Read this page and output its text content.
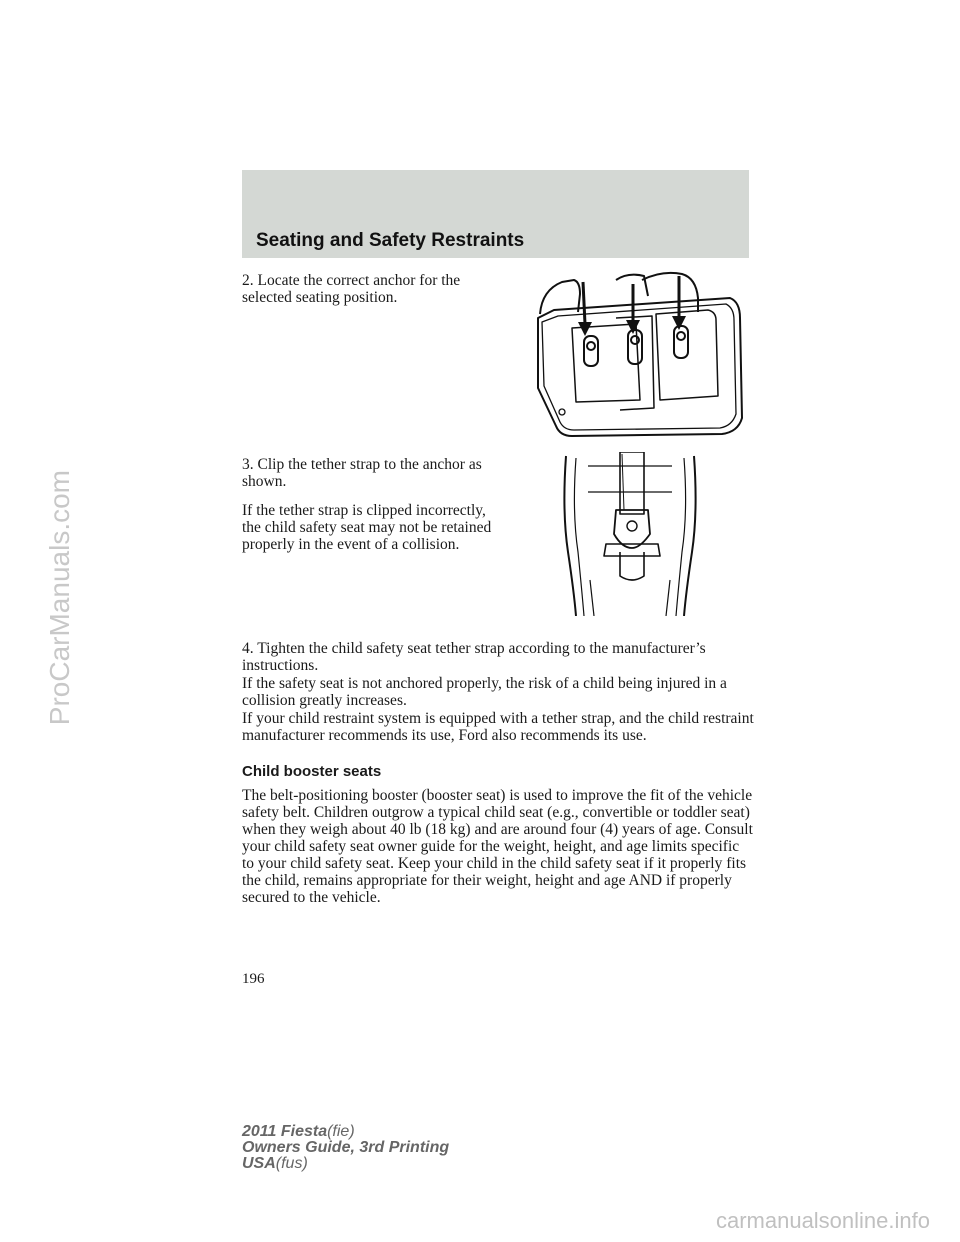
Seating and Safety Restraints

2. Locate the correct anchor for the selected seating position.

3. Clip the tether strap to the anchor as shown.

If the tether strap is clipped incorrectly, the child safety seat may not be retained properly in the event of a collision.

4. Tighten the child safety seat tether strap according to the manufacturer’s instructions.

If the safety seat is not anchored properly, the risk of a child being injured in a collision greatly increases.

If your child restraint system is equipped with a tether strap, and the child restraint manufacturer recommends its use, Ford also recommends its use.

Child booster seats

The belt-positioning booster (booster seat) is used to improve the fit of the vehicle safety belt. Children outgrow a typical child seat (e.g., convertible or toddler seat) when they weigh about 40 lb (18 kg) and are around four (4) years of age. Consult your child safety seat owner guide for the weight, height, and age limits specific to your child safety seat. Keep your child in the child safety seat if it properly fits the child, remains appropriate for their weight, height and age AND if properly secured to the vehicle.

196

2011 Fiesta(fie)
Owners Guide, 3rd Printing
USA(fus)
ProCarManuals.com

carmanualsonline.info
